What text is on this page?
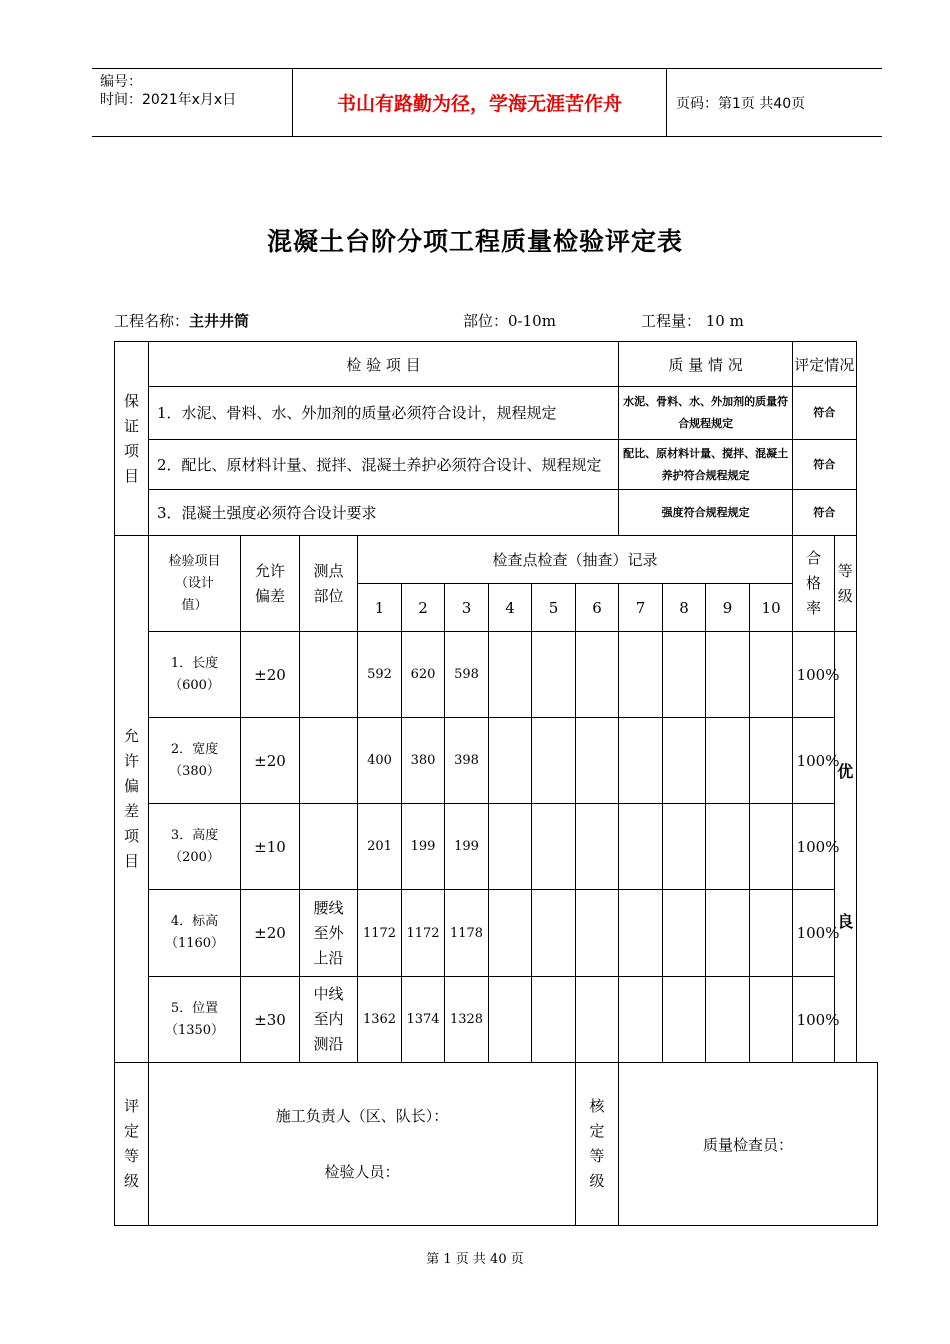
编号：
时间：2021年x月x日	书山有路勤为径，学海无涯苦作舟	页码：第1页 共40页
混凝土台阶分项工程质量检验评定表
工程名称：主井井筒	部位：0-10m	工程量： 10 m
保证项目	检 验 项 目									质 量 情 况				评定情况	
	1．水泥、骨料、水、外加剂的质量必须符合设计，规程规定									水泥、骨料、水、外加剂的质量符合规程规定				符合	
	2．配比、原材料计量、搅拌、混凝土养护必须符合设计、规程规定									配比、原材料计量、搅拌、混凝土养护符合规程规定				符合	
	3．混凝土强度必须符合设计要求									强度符合规程规定				符合	

允许偏差项目	检验项目（设计值）	允许偏差	测点部位	检查点检查（抽查）记录										合格率	等级

				1	2	3	4	5	6	7	8	9	10		

	1．长度
（600）	±20		592	620	598								100%	优良

	2．宽度
（380）	±20		400	380	398								100%	

	3．高度
（200）	±10		201	199	199								100%	

	4．标高
（1160）	±20	腰线至外上沿	1172	1172	1178								100%	

	5．位置
（1350）	±30	中线至内测沿	1362	1374	1328								100%	

评定等级	施工负责人（区、队长）：
检验人员：								核定等级	质量检查员：					
第 1 页 共 40 页
